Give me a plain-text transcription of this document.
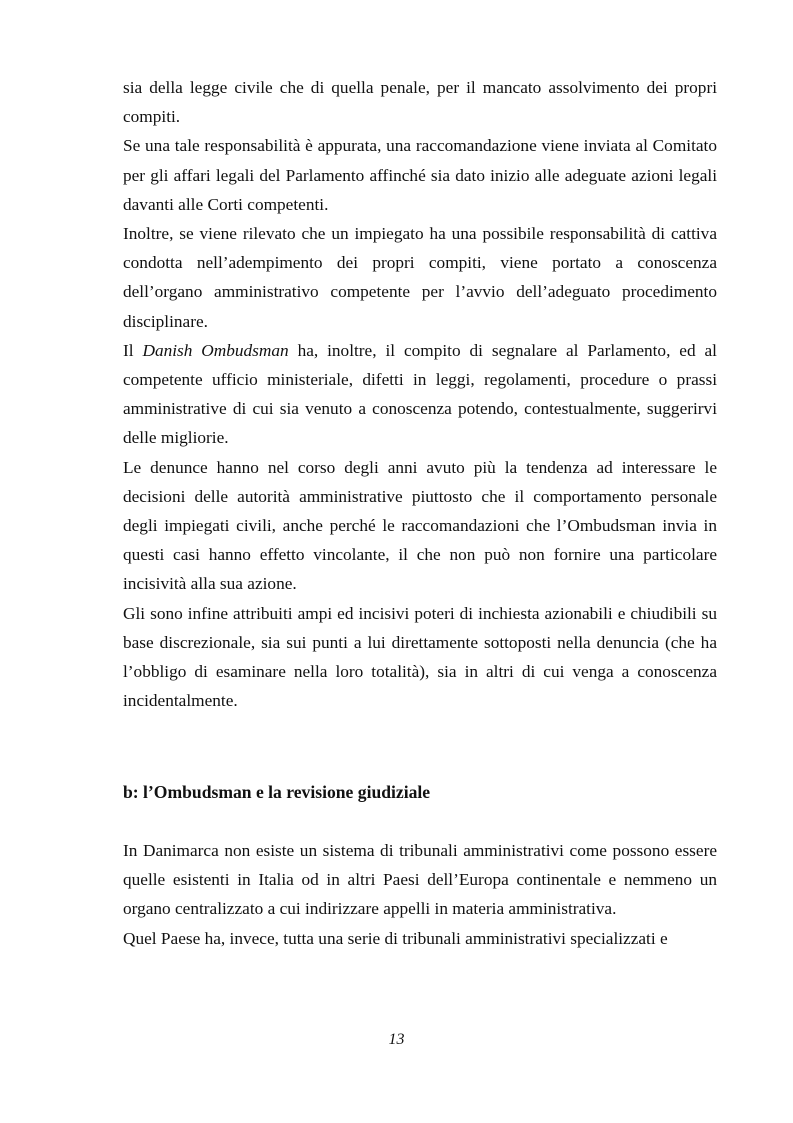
sia della legge civile che di quella penale, per il mancato assolvimento dei propri compiti.

Se una tale responsabilità è appurata, una raccomandazione viene inviata al Comitato per gli affari legali del Parlamento affinché sia dato inizio alle adeguate azioni legali davanti alle Corti competenti.

Inoltre, se viene rilevato che un impiegato ha una possibile responsabilità di cattiva condotta nell’adempimento dei propri compiti, viene portato a conoscenza dell’organo amministrativo competente per l’avvio dell’adeguato procedimento disciplinare.

Il Danish Ombudsman ha, inoltre, il compito di segnalare al Parlamento, ed al competente ufficio ministeriale, difetti in leggi, regolamenti, procedure o prassi amministrative di cui sia venuto a conoscenza potendo, contestualmente, suggerirvi delle migliorie.

Le denunce hanno nel corso degli anni avuto più la tendenza ad interessare le decisioni delle autorità amministrative piuttosto che il comportamento personale degli impiegati civili, anche perché le raccomandazioni che l’Ombudsman invia in questi casi hanno effetto vincolante, il che non può non fornire una particolare incisività alla sua azione.

Gli sono infine attribuiti ampi ed incisivi poteri di inchiesta azionabili e chiudibili su base discrezionale, sia sui punti a lui direttamente sottoposti nella denuncia (che ha l’obbligo di esaminare nella loro totalità), sia in altri di cui venga a conoscenza incidentalmente.

b: l’Ombudsman e la revisione giudiziale

In Danimarca non esiste un sistema di tribunali amministrativi come possono essere quelle esistenti in Italia od in altri Paesi dell’Europa continentale e nemmeno un organo centralizzato a cui indirizzare appelli in materia amministrativa.

Quel Paese ha, invece, tutta una serie di tribunali amministrativi specializzati e

13
